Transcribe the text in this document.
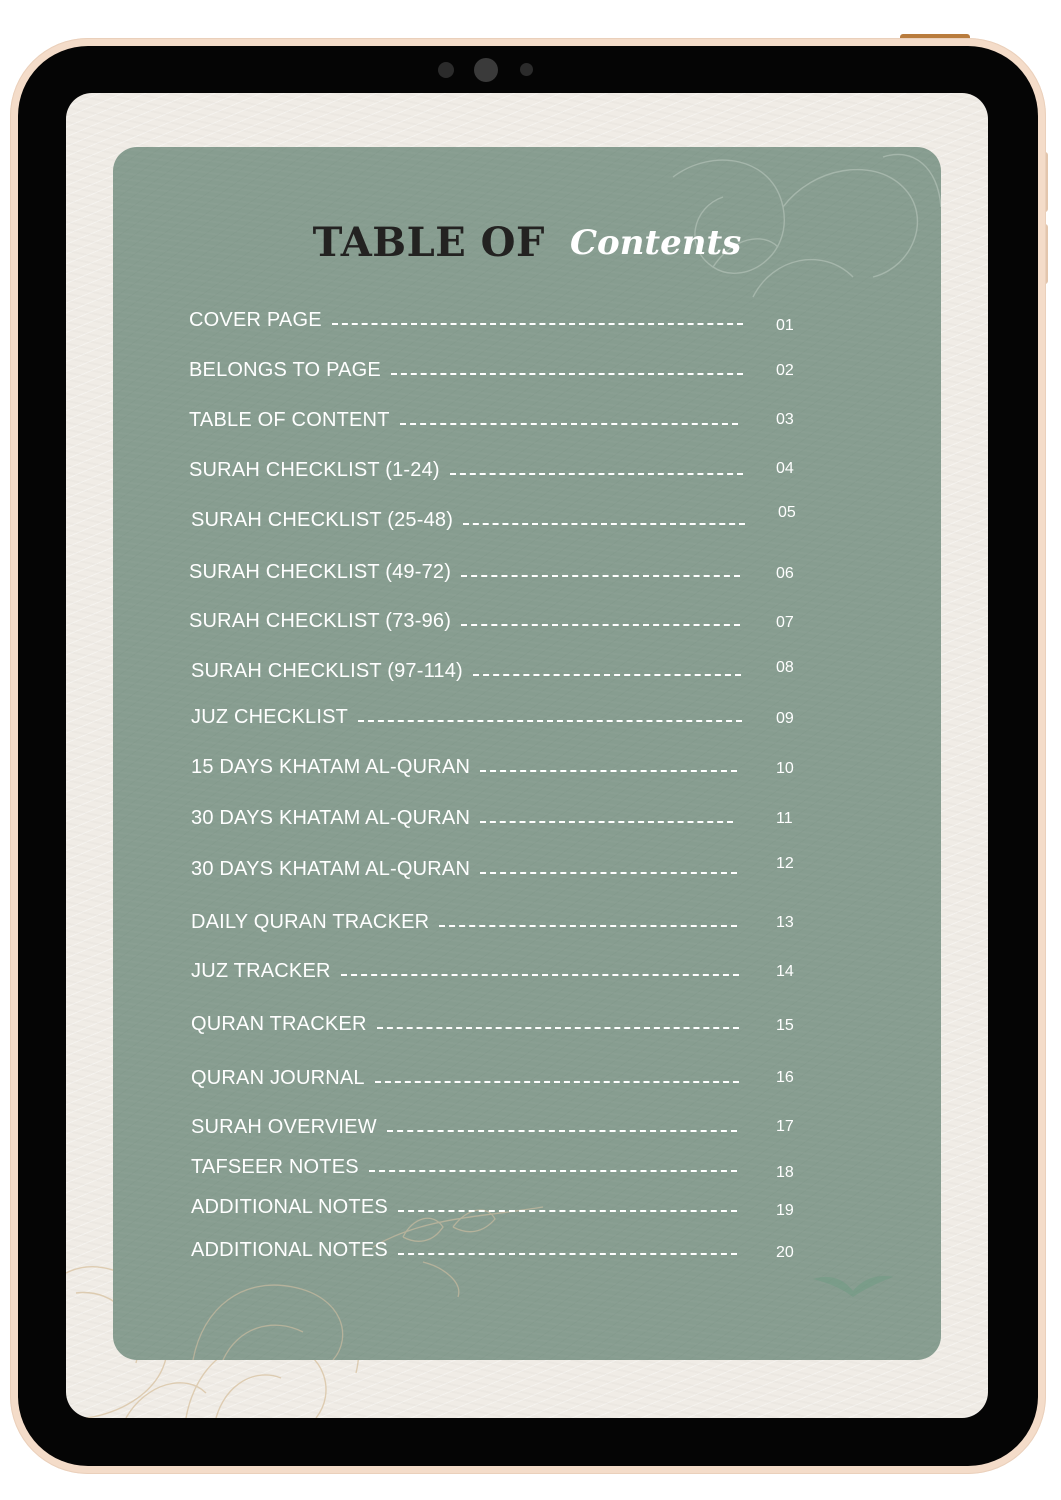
TABLE OF Contents
COVER PAGE	01
BELONGS TO PAGE	02
TABLE OF CONTENT	03
SURAH CHECKLIST (1-24)	04
SURAH CHECKLIST (25-48)	05
SURAH CHECKLIST (49-72)	06
SURAH CHECKLIST (73-96)	07
SURAH CHECKLIST (97-114)	08
JUZ CHECKLIST	09
15 DAYS KHATAM AL-QURAN	10
30 DAYS KHATAM AL-QURAN	11
30 DAYS KHATAM AL-QURAN	12
DAILY QURAN TRACKER	13
JUZ TRACKER	14
QURAN TRACKER	15
QURAN JOURNAL	16
SURAH OVERVIEW	17
TAFSEER NOTES	18
ADDITIONAL NOTES	19
ADDITIONAL NOTES	20
